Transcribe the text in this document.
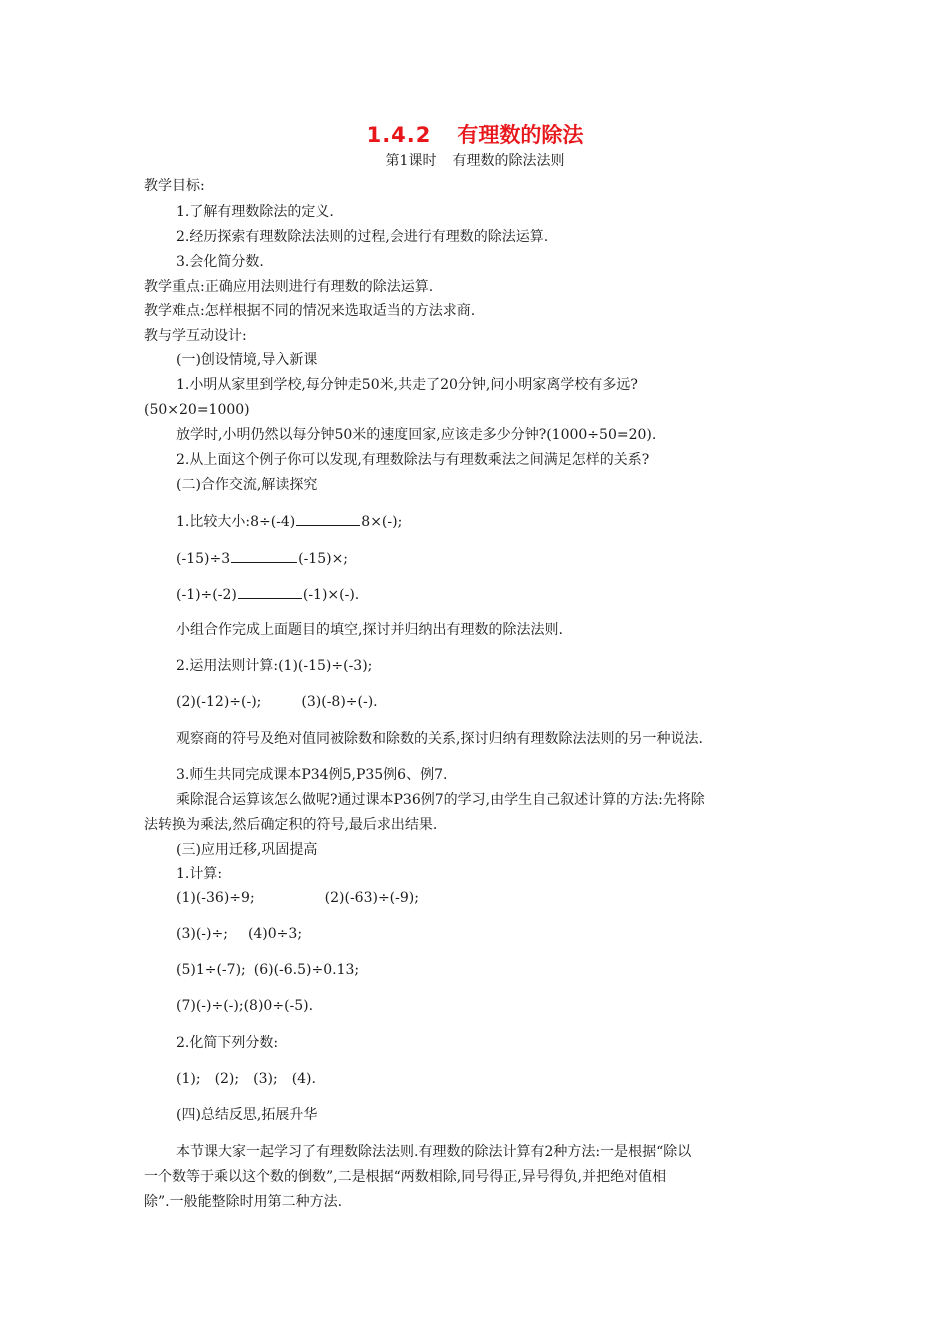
1.4.2 有理数的除法
第1课时 有理数的除法法则
教学目标:
1.了解有理数除法的定义.
2.经历探索有理数除法法则的过程,会进行有理数的除法运算.
3.会化简分数.
教学重点:正确应用法则进行有理数的除法运算.
教学难点:怎样根据不同的情况来选取适当的方法求商.
教与学互动设计:
(一)创设情境,导入新课
1.小明从家里到学校,每分钟走50米,共走了20分钟,问小明家离学校有多远?
(50×20=1000)
放学时,小明仍然以每分钟50米的速度回家,应该走多少分钟?(1000÷50=20).
2.从上面这个例子你可以发现,有理数除法与有理数乘法之间满足怎样的关系?
(二)合作交流,解读探究
1.比较大小:8÷(-4)	8×(-);
(-15)÷3	(-15)×;
(-1)÷(-2)	(-1)×(-).
小组合作完成上面题目的填空,探讨并归纳出有理数的除法法则.
2.运用法则计算:(1)(-15)÷(-3);
(2)(-12)÷(-);	(3)(-8)÷(-).
观察商的符号及绝对值同被除数和除数的关系,探讨归纳有理数除法法则的另一种说法.
3.师生共同完成课本P34例5,P35例6、例7.
乘除混合运算该怎么做呢?通过课本P36例7的学习,由学生自己叙述计算的方法:先将除
法转换为乘法,然后确定积的符号,最后求出结果.
(三)应用迁移,巩固提高
1.计算:
(1)(-36)÷9;	(2)(-63)÷(-9);
(3)(-)÷; (4)0÷3;
(5)1÷(-7); (6)(-6.5)÷0.13;
(7)(-)÷(-);(8)0÷(-5).
2.化简下列分数:
(1); (2); (3); (4).
(四)总结反思,拓展升华
本节课大家一起学习了有理数除法法则.有理数的除法计算有2种方法:一是根据“除以
一个数等于乘以这个数的倒数”,二是根据“两数相除,同号得正,异号得负,并把绝对值相
除”.一般能整除时用第二种方法.
